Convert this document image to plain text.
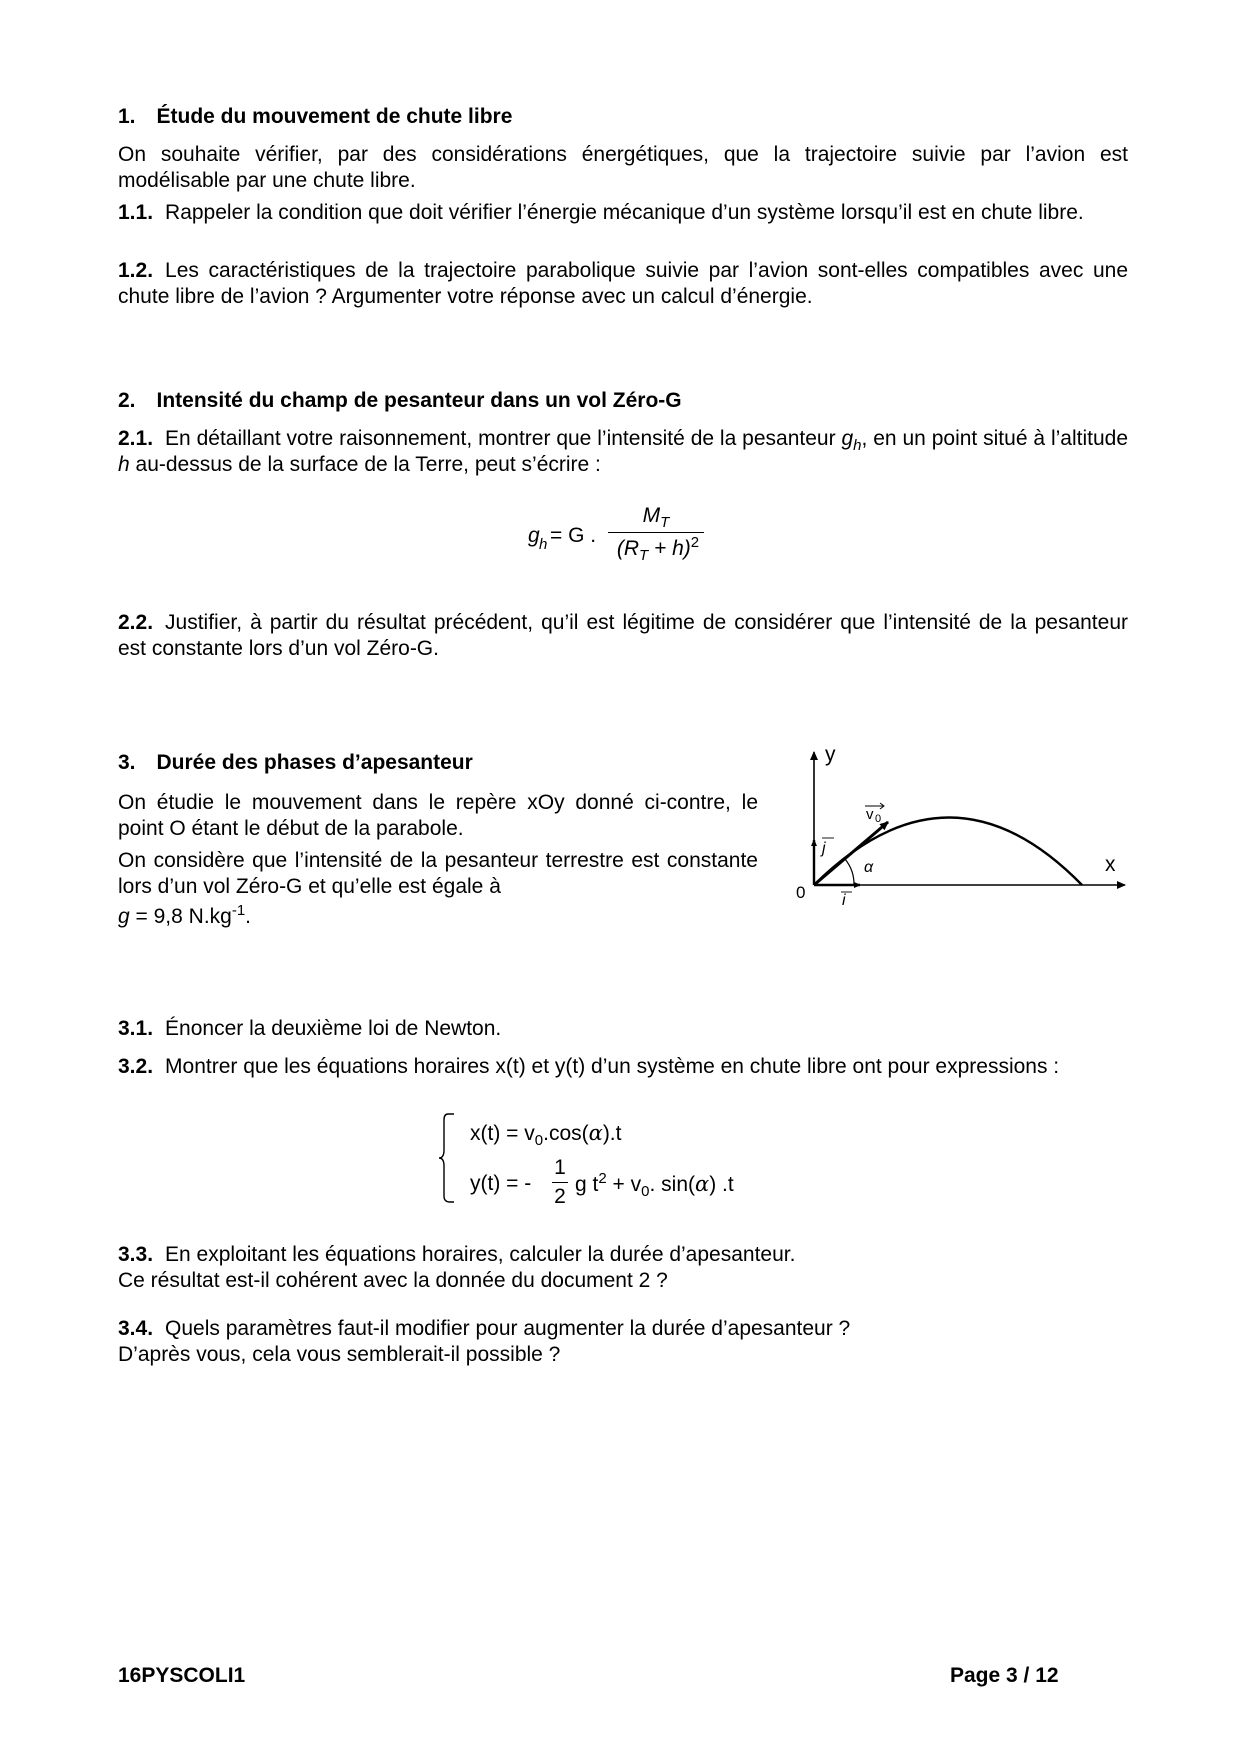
1. Étude du mouvement de chute libre
On souhaite vérifier, par des considérations énergétiques, que la trajectoire suivie par l’avion est modélisable par une chute libre.
1.1. Rappeler la condition que doit vérifier l’énergie mécanique d’un système lorsqu’il est en chute libre.
1.2. Les caractéristiques de la trajectoire parabolique suivie par l’avion sont-elles compatibles avec une chute libre de l’avion ? Argumenter votre réponse avec un calcul d’énergie.
2. Intensité du champ de pesanteur dans un vol Zéro-G
2.1. En détaillant votre raisonnement, montrer que l’intensité de la pesanteur $g_h$, en un point situé à l’altitude h au-dessus de la surface de la Terre, peut s’écrire :
g h = G .
$M_T$
$(R_T + h)^2$
2.2. Justifier, à partir du résultat précédent, qu’il est légitime de considérer que l’intensité de la pesanteur est constante lors d’un vol Zéro-G.
3. Durée des phases d’apesanteur
On étudie le mouvement dans le repère xOy donné ci-contre, le point O étant le début de la parabole.
On considère que l’intensité de la pesanteur terrestre est constante lors d’un vol Zéro-G et qu’elle est égale à
g = 9,8 $N.kg^{-1}$.
y
x
0
v 0
j
i
α
3.1. Énoncer la deuxième loi de Newton.
3.2. Montrer que les équations horaires x(t) et y(t) d’un système en chute libre ont pour expressions :
$x(t) = v_0.\cos(\alpha).t$
y(t) = -
1
2
g $t^2 + v_0$. sin(α) .t
3.3. En exploitant les équations horaires, calculer la durée d’apesanteur.
Ce résultat est-il cohérent avec la donnée du document 2 ?
3.4. Quels paramètres faut-il modifier pour augmenter la durée d’apesanteur ?
D’après vous, cela vous semblerait-il possible ?
16PYSCOLI1	Page 3 / 12
